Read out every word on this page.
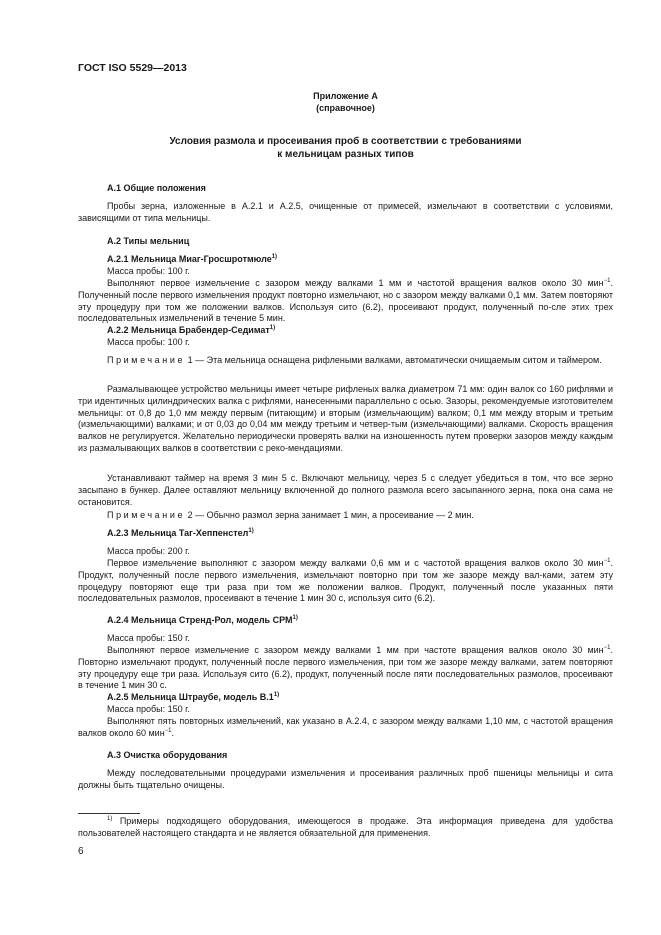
ГОСТ ISO 5529—2013

Приложение А

(справочное)

Условия размола и просеивания проб в соответствии с требованиями

к мельницам разных типов

А.1 Общие положения

Пробы зерна, изложенные в А.2.1 и А.2.5, очищенные от примесей, измельчают в соответствии с условиями, зависящими от типа мельницы.

А.2 Типы мельниц

А.2.1 Мельница Миаг-Гросшротмюле$^{1)}$

Масса пробы: 100 г.

Выполняют первое измельчение с зазором между валками 1 мм и частотой вращения валков около 30 мин$^{-1}$. Полученный после первого измельчения продукт повторно измельчают, но с зазором между валками 0,1 мм. Затем повторяют эту процедуру при том же положении валков. Используя сито (6.2), просеивают продукт, полученный по-сле этих трех последовательных измельчений в течение 5 мин.

А.2.2 Мельница Брабендер-Седимат$^{1)}$

Масса пробы: 100 г.

Примечание 1 — Эта мельница оснащена рифлеными валками, автоматически очищаемым ситом и таймером.

Размалывающее устройство мельницы имеет четыре рифленых валка диаметром 71 мм: один валок со 160 рифлями и три идентичных цилиндрических валка с рифлями, нанесенными параллельно с осью. Зазоры, рекомендуемые изготовителем мельницы: от 0,8 до 1,0 мм между первым (питающим) и вторым (измельчающим) валком; 0,1 мм между вторым и третьим (измельчающими) валками; и от 0,03 до 0,04 мм между третьим и четвер-тым (измельчающими) валками. Скорость вращения валков не регулируется. Желательно периодически проверять валки на изношенность путем проверки зазоров между каждым из размалывающих валков в соответствии с реко-мендациями.

Устанавливают таймер на время 3 мин 5 с. Включают мельницу, через 5 с следует убедиться в том, что все зерно засыпано в бункер. Далее оставляют мельницу включенной до полного размола всего засыпанного зерна, пока она сама не остановится.

Примечание 2 — Обычно размол зерна занимает 1 мин, а просеивание — 2 мин.

А.2.3 Мельница Таг-Хеппенстел$^{1)}$

Масса пробы: 200 г.

Первое измельчение выполняют с зазором между валками 0,6 мм и с частотой вращения валков около 30 мин$^{-1}$. Продукт, полученный после первого измельчения, измельчают повторно при том же зазоре между вал-ками, затем эту процедуру повторяют еще три раза при том же положении валков. Продукт, полученный после указанных пяти последовательных размолов, просеивают в течение 1 мин 30 с, используя сито (6.2).

А.2.4 Мельница Стренд-Рол, модель СРМ$^{1)}$

Масса пробы: 150 г.

Выполняют первое измельчение с зазором между валками 1 мм при частоте вращения валков около 30 мин$^{-1}$. Повторно измельчают продукт, полученный после первого измельчения, при том же зазоре между валками, затем повторяют эту процедуру еще три раза. Используя сито (6.2), продукт, полученный после пяти последовательных размолов, просеивают в течение 1 мин 30 с.

А.2.5 Мельница Штраубе, модель В.1$^{1)}$

Масса пробы: 150 г.

Выполняют пять повторных измельчений, как указано в А.2.4, с зазором между валками 1,10 мм, с частотой вращения валков около 60 мин$^{-1}$.

А.3 Очистка оборудования

Между последовательными процедурами измельчения и просеивания различных проб пшеницы мельницы и сита должны быть тщательно очищены.

$^{1)}$ Примеры подходящего оборудования, имеющегося в продаже. Эта информация приведена для удобства пользователей настоящего стандарта и не является обязательной для применения.

6
